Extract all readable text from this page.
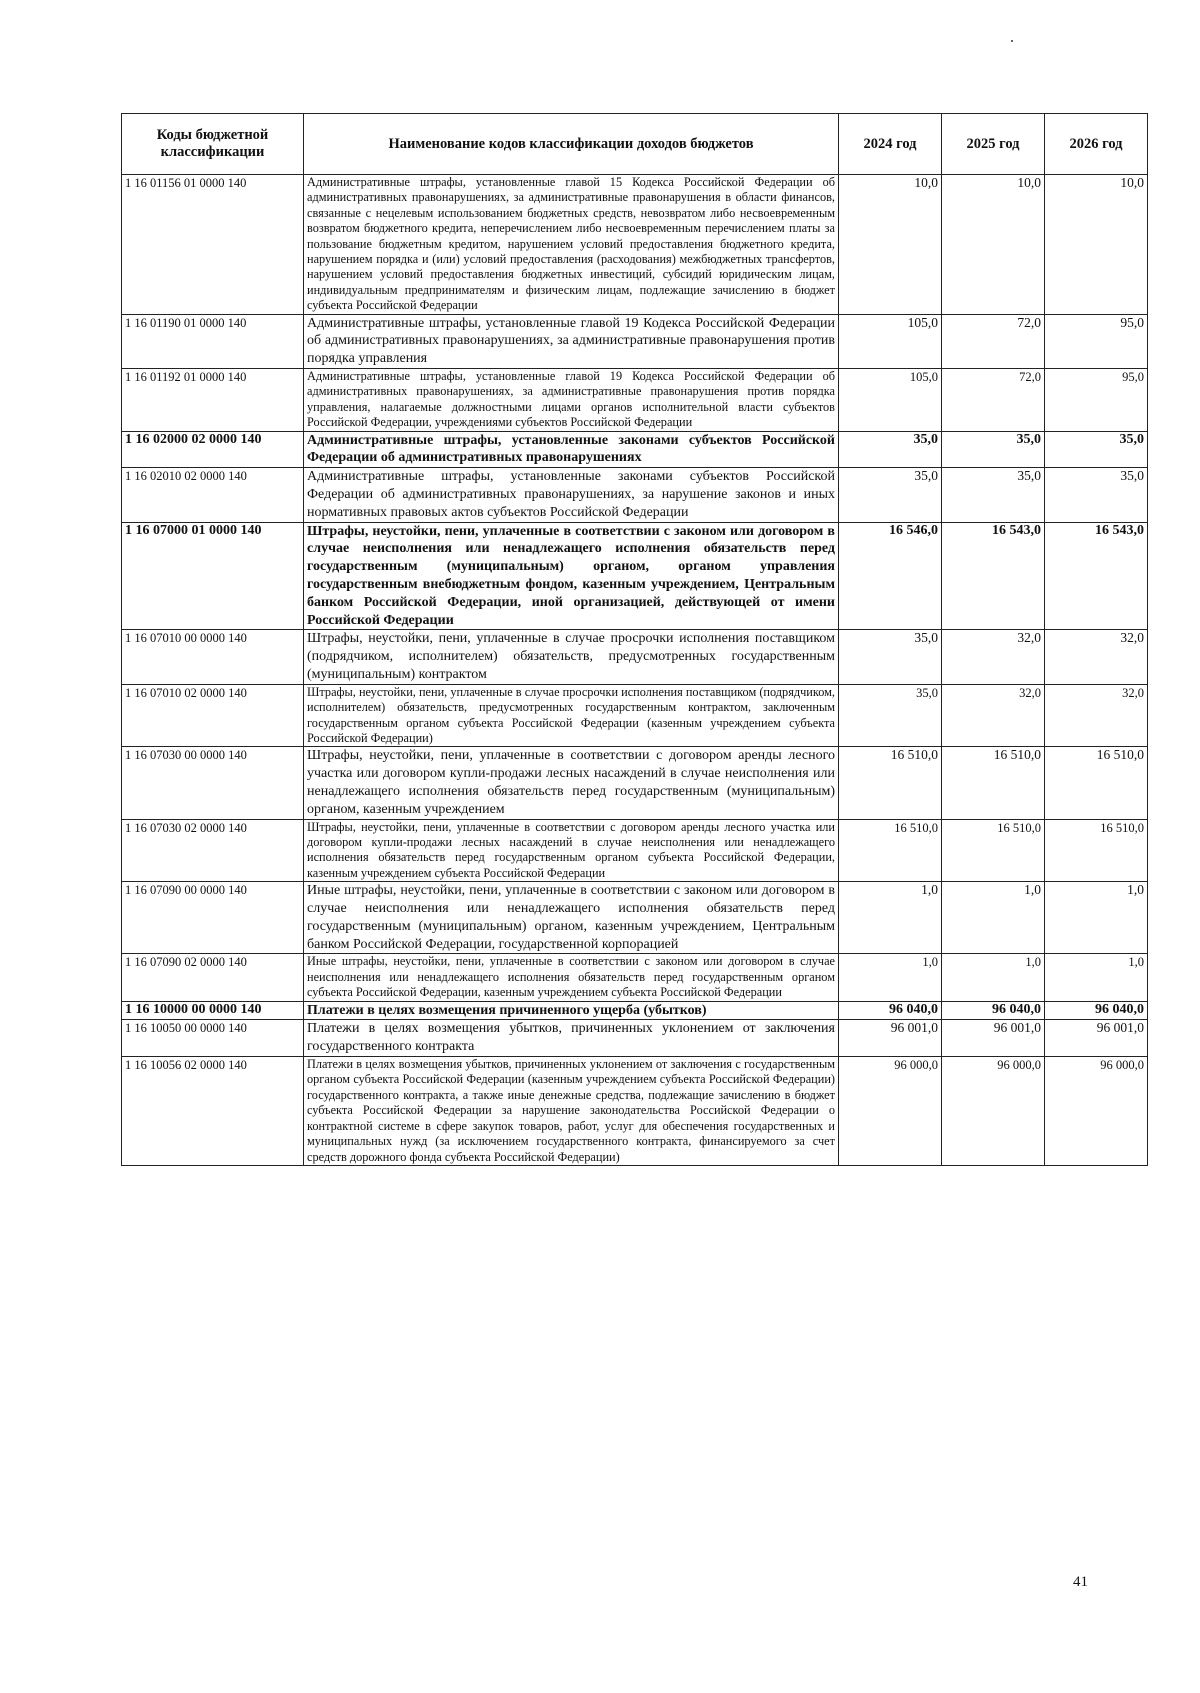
Коды бюджетной классификации	Наименование кодов классификации доходов бюджетов	2024 год	2025 год	2026 год
1 16 01156 01 0000 140	Административные штрафы, установленные главой 15 Кодекса Российской Федерации об административных правонарушениях, за административные правонарушения в области финансов, связанные с нецелевым использованием бюджетных средств, невозвратом либо несвоевременным возвратом бюджетного кредита, неперечислением либо несвоевременным перечислением платы за пользование бюджетным кредитом, нарушением условий предоставления бюджетного кредита, нарушением порядка и (или) условий предоставления (расходования) межбюджетных трансфертов, нарушением условий предоставления бюджетных инвестиций, субсидий юридическим лицам, индивидуальным предпринимателям и физическим лицам, подлежащие зачислению в бюджет субъекта Российской Федерации	10,0	10,0	10,0
1 16 01190 01 0000 140	Административные штрафы, установленные главой 19 Кодекса Российской Федерации об административных правонарушениях, за административные правонарушения против порядка управления	105,0	72,0	95,0
1 16 01192 01 0000 140	Административные штрафы, установленные главой 19 Кодекса Российской Федерации об административных правонарушениях, за административные правонарушения против порядка управления, налагаемые должностными лицами органов исполнительной власти субъектов Российской Федерации, учреждениями субъектов Российской Федерации	105,0	72,0	95,0
1 16 02000 02 0000 140	Административные штрафы, установленные законами субъектов Российской Федерации об административных правонарушениях	35,0	35,0	35,0
1 16 02010 02 0000 140	Административные штрафы, установленные законами субъектов Российской Федерации об административных правонарушениях, за нарушение законов и иных нормативных правовых актов субъектов Российской Федерации	35,0	35,0	35,0
1 16 07000 01 0000 140	Штрафы, неустойки, пени, уплаченные в соответствии с законом или договором в случае неисполнения или ненадлежащего исполнения обязательств перед государственным (муниципальным) органом, органом управления государственным внебюджетным фондом, казенным учреждением, Центральным банком Российской Федерации, иной организацией, действующей от имени Российской Федерации	16 546,0	16 543,0	16 543,0
1 16 07010 00 0000 140	Штрафы, неустойки, пени, уплаченные в случае просрочки исполнения поставщиком (подрядчиком, исполнителем) обязательств, предусмотренных государственным (муниципальным) контрактом	35,0	32,0	32,0
1 16 07010 02 0000 140	Штрафы, неустойки, пени, уплаченные в случае просрочки исполнения поставщиком (подрядчиком, исполнителем) обязательств, предусмотренных государственным контрактом, заключенным государственным органом субъекта Российской Федерации (казенным учреждением субъекта Российской Федерации)	35,0	32,0	32,0
1 16 07030 00 0000 140	Штрафы, неустойки, пени, уплаченные в соответствии с договором аренды лесного участка или договором купли-продажи лесных насаждений в случае неисполнения или ненадлежащего исполнения обязательств перед государственным (муниципальным) органом, казенным учреждением	16 510,0	16 510,0	16 510,0
1 16 07030 02 0000 140	Штрафы, неустойки, пени, уплаченные в соответствии с договором аренды лесного участка или договором купли-продажи лесных насаждений в случае неисполнения или ненадлежащего исполнения обязательств перед государственным органом субъекта Российской Федерации, казенным учреждением субъекта Российской Федерации	16 510,0	16 510,0	16 510,0
1 16 07090 00 0000 140	Иные штрафы, неустойки, пени, уплаченные в соответствии с законом или договором в случае неисполнения или ненадлежащего исполнения обязательств перед государственным (муниципальным) органом, казенным учреждением, Центральным банком Российской Федерации, государственной корпорацией	1,0	1,0	1,0
1 16 07090 02 0000 140	Иные штрафы, неустойки, пени, уплаченные в соответствии с законом или договором в случае неисполнения или ненадлежащего исполнения обязательств перед государственным органом субъекта Российской Федерации, казенным учреждением субъекта Российской Федерации	1,0	1,0	1,0
1 16 10000 00 0000 140	Платежи в целях возмещения причиненного ущерба (убытков)	96 040,0	96 040,0	96 040,0
1 16 10050 00 0000 140	Платежи в целях возмещения убытков, причиненных уклонением от заключения государственного контракта	96 001,0	96 001,0	96 001,0
1 16 10056 02 0000 140	Платежи в целях возмещения убытков, причиненных уклонением от заключения с государственным органом субъекта Российской Федерации (казенным учреждением субъекта Российской Федерации) государственного контракта, а также иные денежные средства, подлежащие зачислению в бюджет субъекта Российской Федерации за нарушение законодательства Российской Федерации о контрактной системе в сфере закупок товаров, работ, услуг для обеспечения государственных и муниципальных нужд (за исключением государственного контракта, финансируемого за счет средств дорожного фонда субъекта Российской Федерации)	96 000,0	96 000,0	96 000,0
41
